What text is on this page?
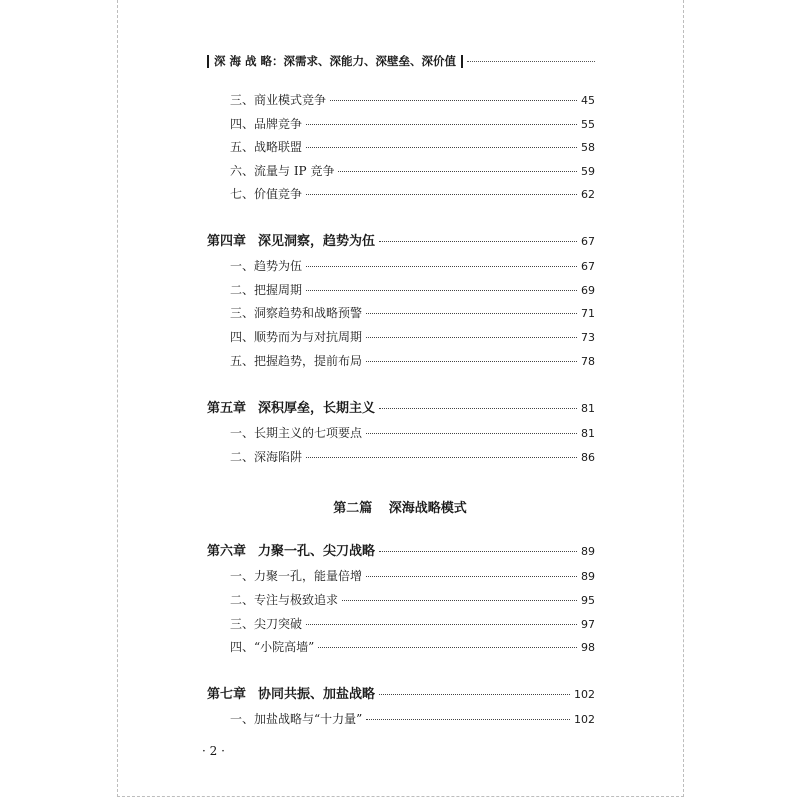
深 海 战 略：深需求、深能力、深壁垒、深价值
三、商业模式竞争	45
四、品牌竞争	55
五、战略联盟	58
六、流量与 IP 竞争	59
七、价值竞争	62
第四章 深见洞察，趋势为伍	67
一、趋势为伍	67
二、把握周期	69
三、洞察趋势和战略预警	71
四、顺势而为与对抗周期	73
五、把握趋势，提前布局	78
第五章 深积厚垒，长期主义	81
一、长期主义的七项要点	81
二、深海陷阱	86
第二篇 深海战略模式
第六章 力聚一孔、尖刀战略	89
一、力聚一孔，能量倍增	89
二、专注与极致追求	95
三、尖刀突破	97
四、“小院高墙”	98
第七章 协同共振、加盐战略	102
一、加盐战略与“十力量”	102
· 2 ·
